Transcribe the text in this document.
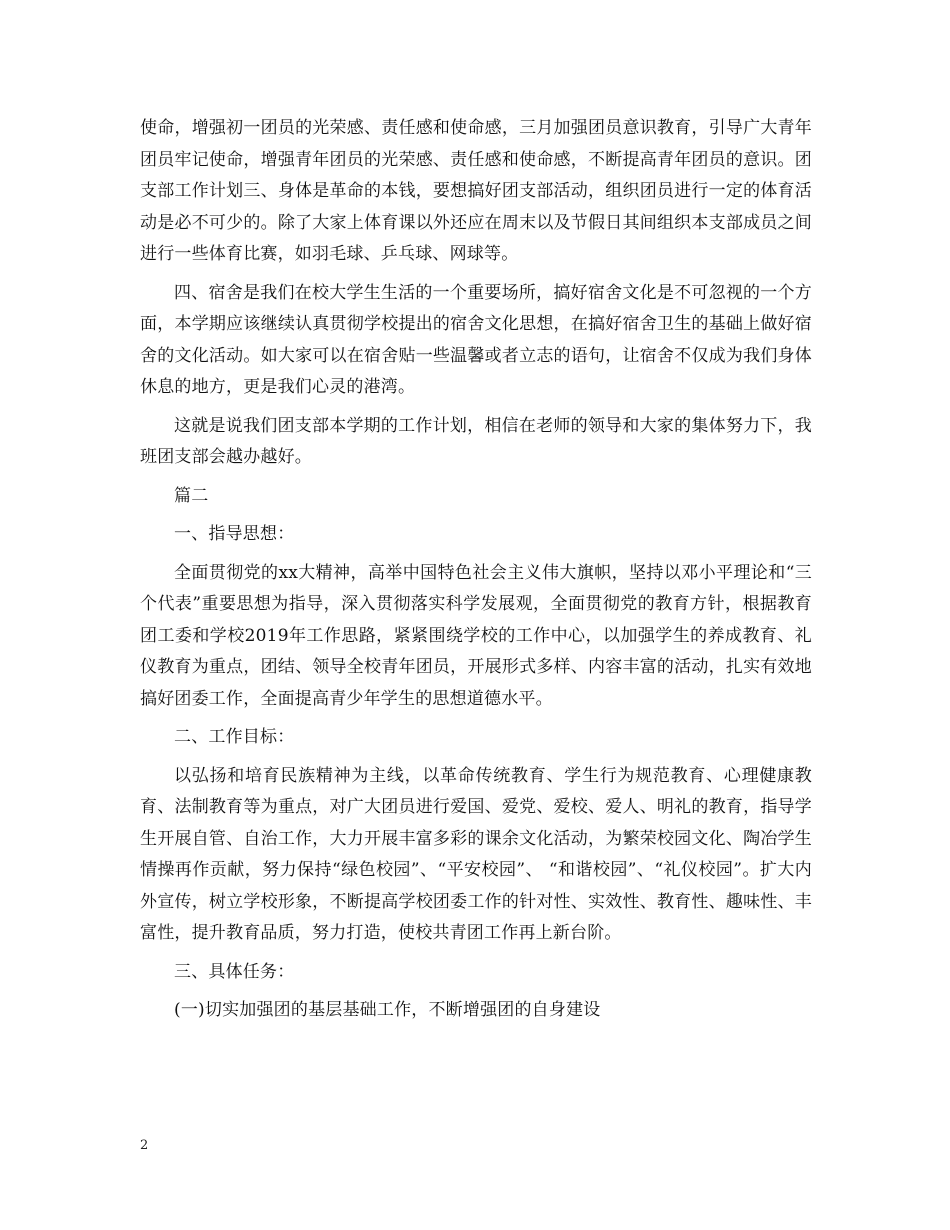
使命，增强初一团员的光荣感、责任感和使命感，三月加强团员意识教育，引导广大青年团员牢记使命，增强青年团员的光荣感、责任感和使命感，不断提高青年团员的意识。团支部工作计划三、身体是革命的本钱，要想搞好团支部活动，组织团员进行一定的体育活动是必不可少的。除了大家上体育课以外还应在周末以及节假日其间组织本支部成员之间进行一些体育比赛，如羽毛球、乒乓球、网球等。

四、宿舍是我们在校大学生生活的一个重要场所，搞好宿舍文化是不可忽视的一个方面，本学期应该继续认真贯彻学校提出的宿舍文化思想，在搞好宿舍卫生的基础上做好宿舍的文化活动。如大家可以在宿舍贴一些温馨或者立志的语句，让宿舍不仅成为我们身体休息的地方，更是我们心灵的港湾。

这就是说我们团支部本学期的工作计划，相信在老师的领导和大家的集体努力下，我班团支部会越办越好。

篇二

一、指导思想：

全面贯彻党的xx大精神，高举中国特色社会主义伟大旗帜，坚持以邓小平理论和“三个代表”重要思想为指导，深入贯彻落实科学发展观，全面贯彻党的教育方针，根据教育团工委和学校2019年工作思路，紧紧围绕学校的工作中心，以加强学生的养成教育、礼仪教育为重点，团结、领导全校青年团员，开展形式多样、内容丰富的活动，扎实有效地搞好团委工作，全面提高青少年学生的思想道德水平。

二、工作目标：

以弘扬和培育民族精神为主线，以革命传统教育、学生行为规范教育、心理健康教育、法制教育等为重点，对广大团员进行爱国、爱党、爱校、爱人、明礼的教育，指导学生开展自管、自治工作，大力开展丰富多彩的课余文化活动，为繁荣校园文化、陶冶学生情操再作贡献，努力保持“绿色校园”、“平安校园”、 “和谐校园”、“礼仪校园”。扩大内外宣传，树立学校形象，不断提高学校团委工作的针对性、实效性、教育性、趣味性、丰富性，提升教育品质，努力打造，使校共青团工作再上新台阶。

三、具体任务：

(一)切实加强团的基层基础工作，不断增强团的自身建设

2
